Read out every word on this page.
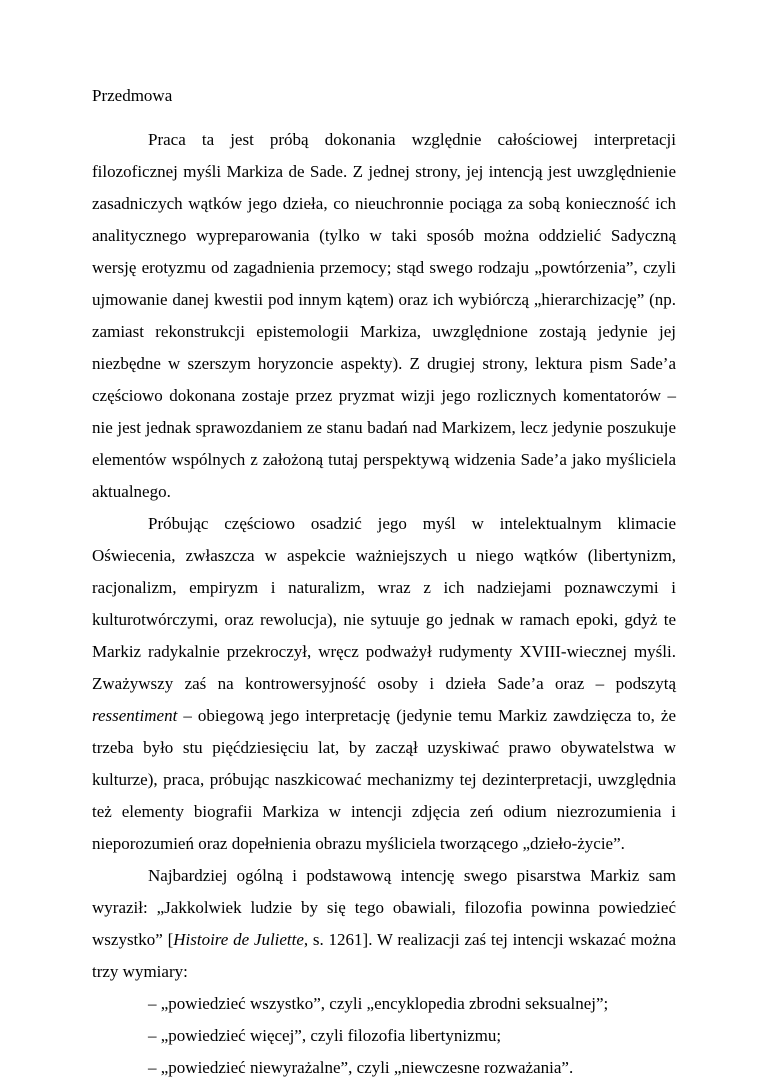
Przedmowa

Praca ta jest próbą dokonania względnie całościowej interpretacji filozoficznej myśli Markiza de Sade. Z jednej strony, jej intencją jest uwzględnienie zasadniczych wątków jego dzieła, co nieuchronnie pociąga za sobą konieczność ich analitycznego wypreparowania (tylko w taki sposób można oddzielić Sadyczną wersję erotyzmu od zagadnienia przemocy; stąd swego rodzaju „powtórzenia”, czyli ujmowanie danej kwestii pod innym kątem) oraz ich wybiórczą „hierarchizację” (np. zamiast rekonstrukcji epistemologii Markiza, uwzględnione zostają jedynie jej niezbędne w szerszym horyzoncie aspekty). Z drugiej strony, lektura pism Sade’a częściowo dokonana zostaje przez pryzmat wizji jego rozlicznych komentatorów – nie jest jednak sprawozdaniem ze stanu badań nad Markizem, lecz jedynie poszukuje elementów wspólnych z założoną tutaj perspektywą widzenia Sade’a jako myśliciela aktualnego.

Próbując częściowo osadzić jego myśl w intelektualnym klimacie Oświecenia, zwłaszcza w aspekcie ważniejszych u niego wątków (libertynizm, racjonalizm, empiryzm i naturalizm, wraz z ich nadziejami poznawczymi i kulturotwórczymi, oraz rewolucja), nie sytuuje go jednak w ramach epoki, gdyż te Markiz radykalnie przekroczył, wręcz podważył rudymenty XVIII-wiecznej myśli. Zważywszy zaś na kontrowersyjność osoby i dzieła Sade’a oraz – podszytą ressentiment – obiegową jego interpretację (jedynie temu Markiz zawdzięcza to, że trzeba było stu pięćdziesięciu lat, by zaczął uzyskiwać prawo obywatelstwa w kulturze), praca, próbując naszkicować mechanizmy tej dezinterpretacji, uwzględnia też elementy biografii Markiza w intencji zdjęcia zeń odium niezrozumienia i nieporozumień oraz dopełnienia obrazu myśliciela tworzącego „dzieło-życie”.

Najbardziej ogólną i podstawową intencję swego pisarstwa Markiz sam wyraził: „Jakkolwiek ludzie by się tego obawiali, filozofia powinna powiedzieć wszystko” [Histoire de Juliette, s. 1261]. W realizacji zaś tej intencji wskazać można trzy wymiary:

– „powiedzieć wszystko”, czyli „encyklopedia zbrodni seksualnej”;
– „powiedzieć więcej”, czyli filozofia libertynizmu;
– „powiedzieć niewyrażalne”, czyli „niewczesne rozważania”.
